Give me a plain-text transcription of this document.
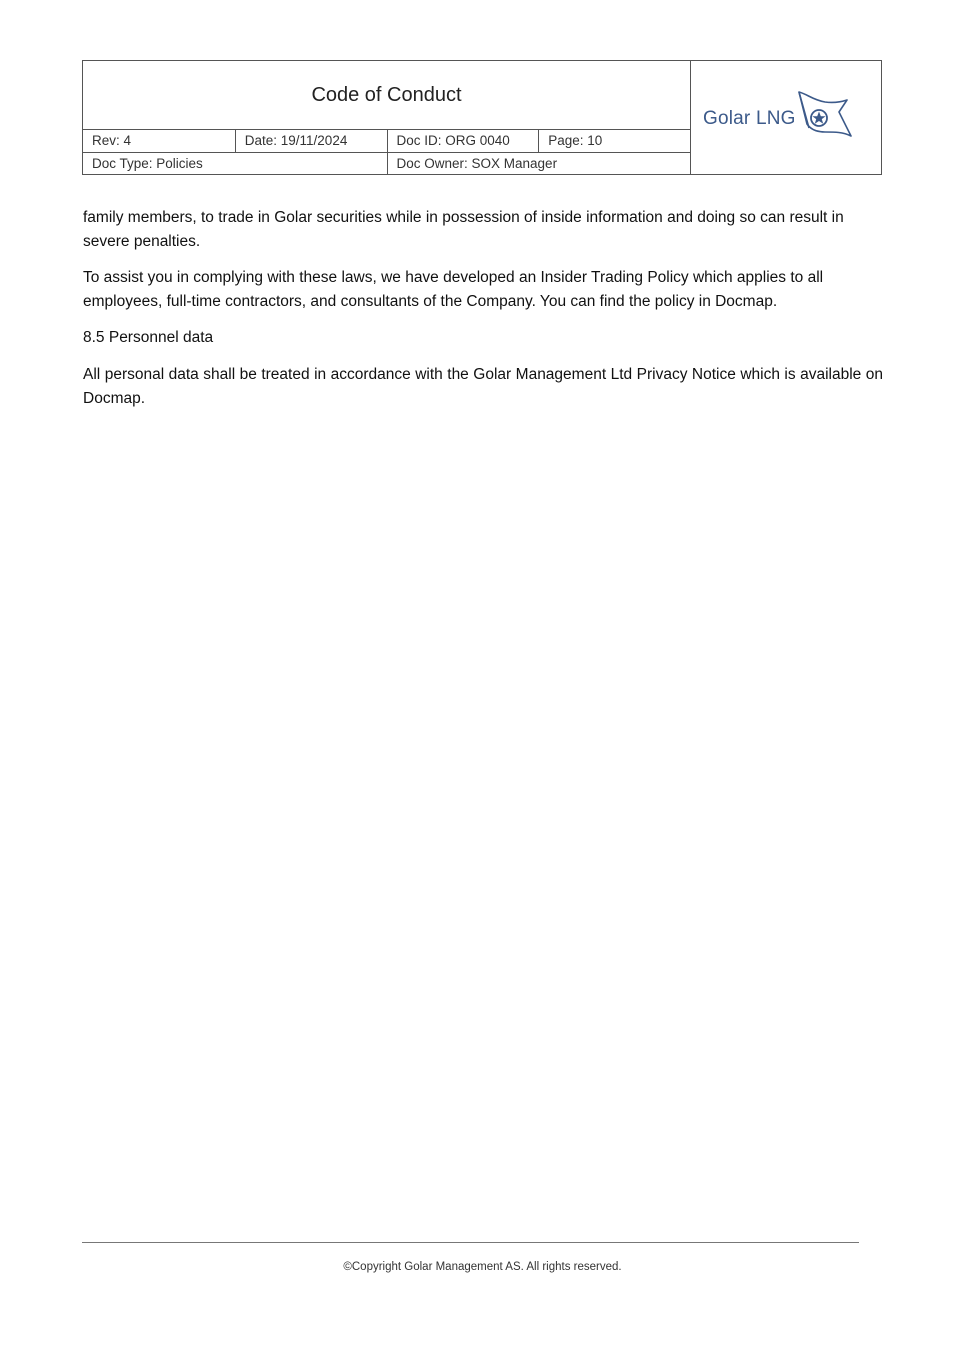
Code of Conduct
Rev: 4	Date: 19/11/2024	Doc ID: ORG 0040	Page: 10
Doc Type: Policies	Doc Owner: SOX Manager
Golar LNG
family members, to trade in Golar securities while in possession of inside information and doing so can result in severe penalties.
To assist you in complying with these laws, we have developed an Insider Trading Policy which applies to all employees, full-time contractors, and consultants of the Company. You can find the policy in Docmap.
8.5 Personnel data
All personal data shall be treated in accordance with the Golar Management Ltd Privacy Notice which is available on Docmap.
©Copyright Golar Management AS. All rights reserved.
